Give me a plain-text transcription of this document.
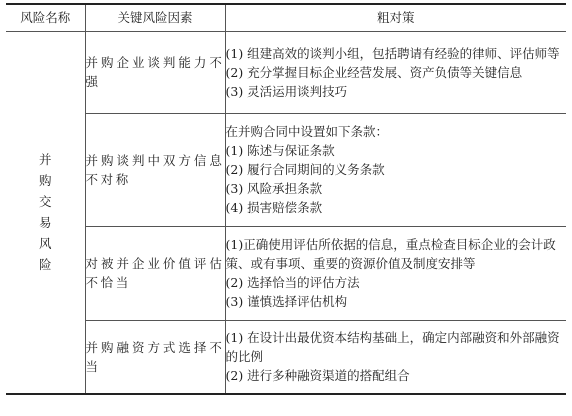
风险名称	关键风险因素	粗对策
并购交易风险	并购企业谈判能力不强	(1) 组建高效的谈判小组，包括聘请有经验的律师、评估师等
(2) 充分掌握目标企业经营发展、资产负债等关键信息
(3) 灵活运用谈判技巧

	并购谈判中双方信息不对称	在并购合同中设置如下条款：
(1) 陈述与保证条款
(2) 履行合同期间的义务条款
(3) 风险承担条款
(4) 损害赔偿条款

	对被并企业价值评估不恰当	(1)正确使用评估所依据的信息，重点检查目标企业的会计政策、或有事项、重要的资源价值及制度安排等
(2) 选择恰当的评估方法
(3) 谨慎选择评估机构

	并购融资方式选择不当	(1) 在设计出最优资本结构基础上，确定内部融资和外部融资的比例
(2) 进行多种融资渠道的搭配组合
